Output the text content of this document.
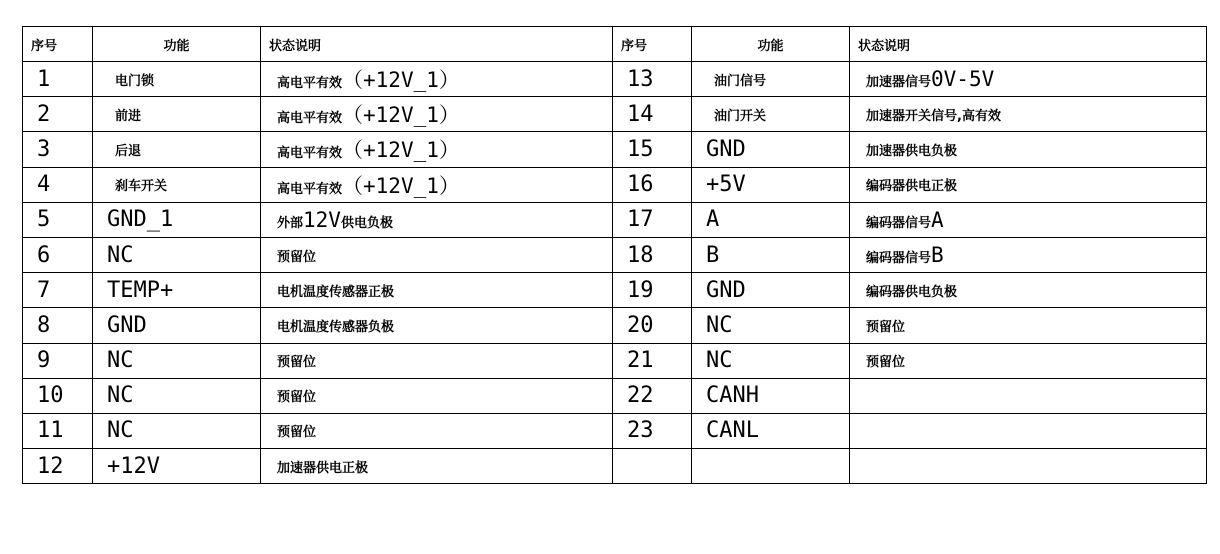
序号	功能	状态说明	序号	功能	状态说明
1	电门锁	高电平有效（+12V_1）	13	油门信号	加速器信号0V-5V
2	前进	高电平有效（+12V_1）	14	油门开关	加速器开关信号,高有效
3	后退	高电平有效（+12V_1）	15	GND	加速器供电负极
4	刹车开关	高电平有效（+12V_1）	16	+5V	编码器供电正极
5	GND_1	外部12V供电负极	17	A	编码器信号A
6	NC	预留位	18	B	编码器信号B
7	TEMP+	电机温度传感器正极	19	GND	编码器供电负极
8	GND	电机温度传感器负极	20	NC	预留位
9	NC	预留位	21	NC	预留位
10	NC	预留位	22	CANH	
11	NC	预留位	23	CANL	
12	+12V	加速器供电正极			
